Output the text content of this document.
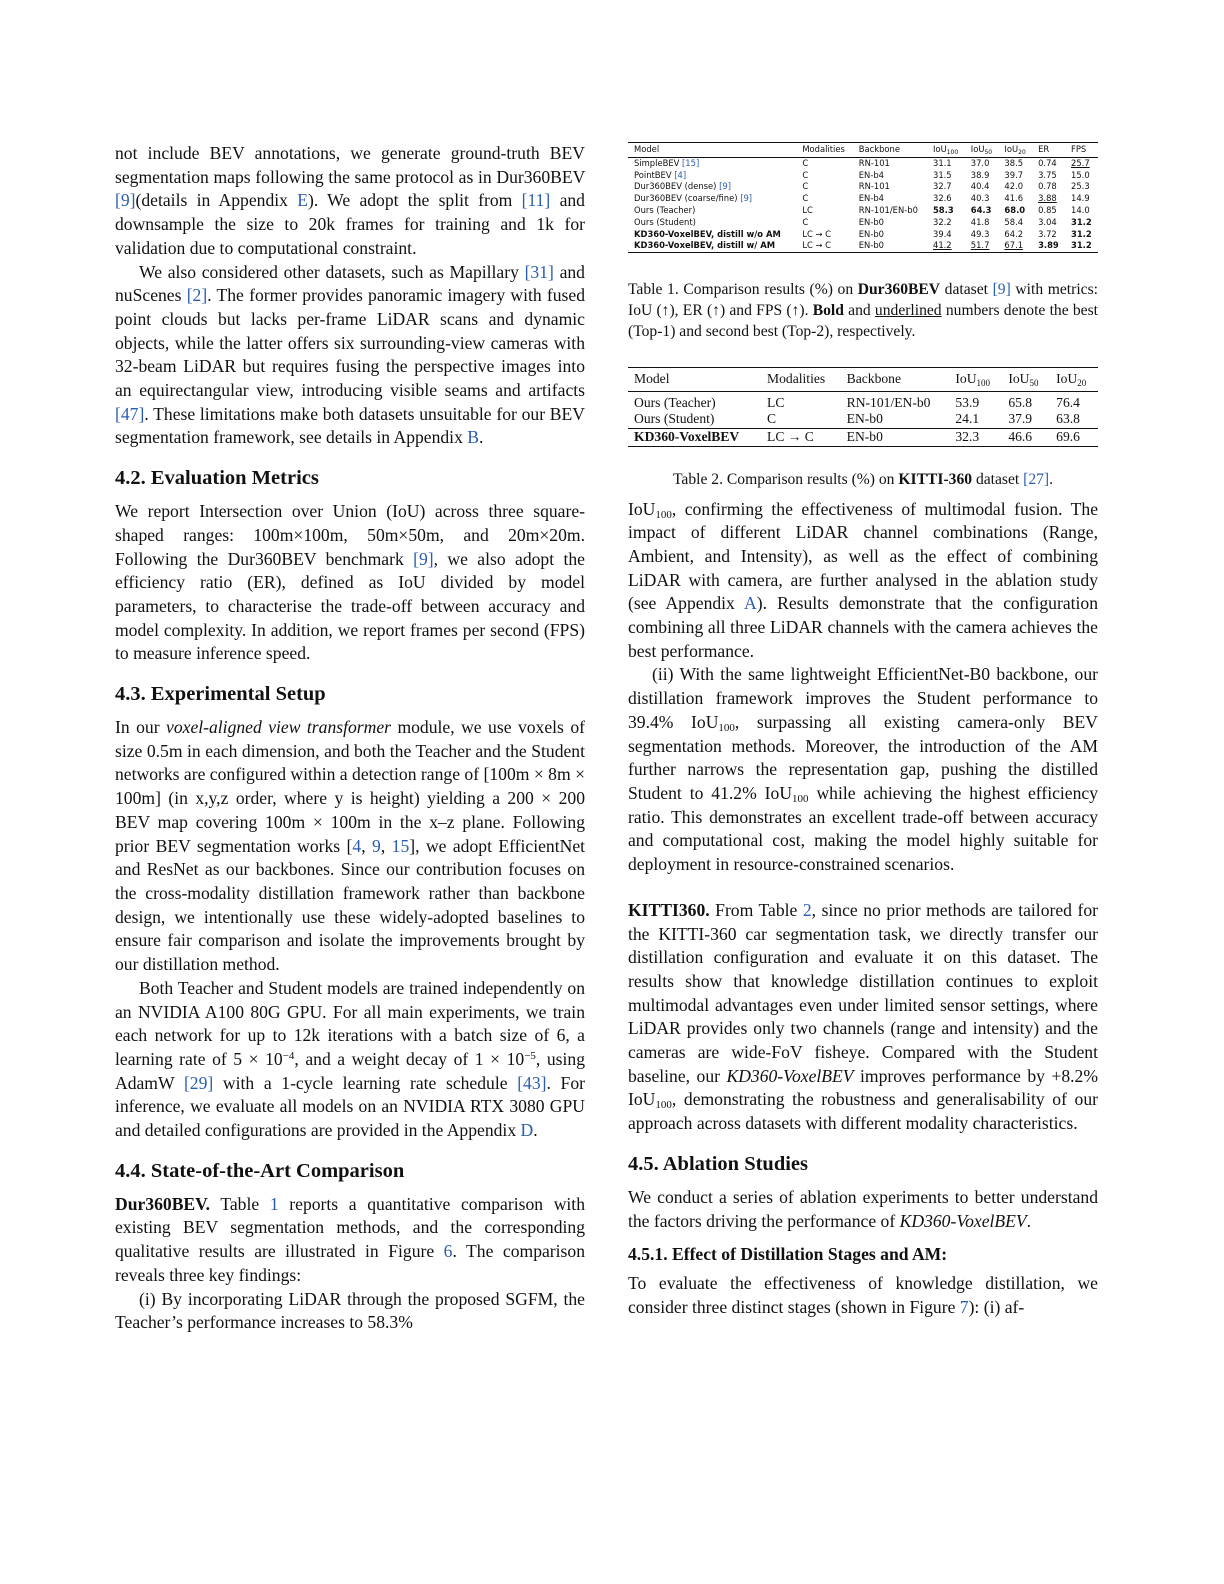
not include BEV annotations, we generate ground-truth BEV segmentation maps following the same protocol as in Dur360BEV [9](details in Appendix E). We adopt the split from [11] and downsample the size to 20k frames for training and 1k for validation due to computational constraint.

We also considered other datasets, such as Mapillary [31] and nuScenes [2]. The former provides panoramic imagery with fused point clouds but lacks per-frame LiDAR scans and dynamic objects, while the latter offers six surrounding-view cameras with 32-beam LiDAR but requires fusing the perspective images into an equirectangular view, introducing visible seams and artifacts [47]. These limitations make both datasets unsuitable for our BEV segmentation framework, see details in Appendix B.

4.2. Evaluation Metrics

We report Intersection over Union (IoU) across three square-shaped ranges: 100m×100m, 50m×50m, and 20m×20m. Following the Dur360BEV benchmark [9], we also adopt the efficiency ratio (ER), defined as IoU divided by model parameters, to characterise the trade-off between accuracy and model complexity. In addition, we report frames per second (FPS) to measure inference speed.

4.3. Experimental Setup

In our voxel-aligned view transformer module, we use voxels of size 0.5m in each dimension, and both the Teacher and the Student networks are configured within a detection range of [100m × 8m × 100m] (in x,y,z order, where y is height) yielding a 200 × 200 BEV map covering 100m × 100m in the x–z plane. Following prior BEV segmentation works [4, 9, 15], we adopt EfficientNet and ResNet as our backbones. Since our contribution focuses on the cross-modality distillation framework rather than backbone design, we intentionally use these widely-adopted baselines to ensure fair comparison and isolate the improvements brought by our distillation method.

Both Teacher and Student models are trained independently on an NVIDIA A100 80G GPU. For all main experiments, we train each network for up to 12k iterations with a batch size of 6, a learning rate of $5 \times 10^{-4}$, and a weight decay of $1 \times 10^{-5}$, using AdamW [29] with a 1-cycle learning rate schedule [43]. For inference, we evaluate all models on an NVIDIA RTX 3080 GPU and detailed configurations are provided in the Appendix D.

4.4. State-of-the-Art Comparison

Dur360BEV. Table 1 reports a quantitative comparison with existing BEV segmentation methods, and the corresponding qualitative results are illustrated in Figure 6. The comparison reveals three key findings:

(i) By incorporating LiDAR through the proposed SGFM, the Teacher’s performance increases to 58.3%

Model	Modalities	Backbone	IoU$_{100}$	IoU$_{50}$	IoU$_{20}$	ER	FPS
SimpleBEV [15]	C	RN-101	31.1	37.0	38.5	0.74	25.7
PointBEV [4]	C	EN-b4	31.5	38.9	39.7	3.75	15.0
Dur360BEV (dense) [9]	C	RN-101	32.7	40.4	42.0	0.78	25.3
Dur360BEV (coarse/fine) [9]	C	EN-b4	32.6	40.3	41.6	3.88	14.9
Ours (Teacher)	LC	RN-101/EN-b0	58.3	64.3	68.0	0.85	14.0
Ours (Student)	C	EN-b0	32.2	41.8	58.4	3.04	31.2
KD360-VoxelBEV, distill w/o AM	LC → C	EN-b0	39.4	49.3	64.2	3.72	31.2
KD360-VoxelBEV, distill w/ AM	LC → C	EN-b0	41.2	51.7	67.1	3.89	31.2

Table 1. Comparison results (%) on Dur360BEV dataset [9] with metrics: IoU (↑), ER (↑) and FPS (↑). Bold and underlined numbers denote the best (Top-1) and second best (Top-2), respectively.

Model	Modalities	Backbone	IoU$_{100}$	IoU$_{50}$	IoU$_{20}$
Ours (Teacher)	LC	RN-101/EN-b0	53.9	65.8	76.4
Ours (Student)	C	EN-b0	24.1	37.9	63.8
KD360-VoxelBEV	LC → C	EN-b0	32.3	46.6	69.6

Table 2. Comparison results (%) on KITTI-360 dataset [27].

IoU$_{100}$, confirming the effectiveness of multimodal fusion. The impact of different LiDAR channel combinations (Range, Ambient, and Intensity), as well as the effect of combining LiDAR with camera, are further analysed in the ablation study (see Appendix A). Results demonstrate that the configuration combining all three LiDAR channels with the camera achieves the best performance.

(ii) With the same lightweight EfficientNet-B0 backbone, our distillation framework improves the Student performance to 39.4% IoU$_{100}$, surpassing all existing camera-only BEV segmentation methods. Moreover, the introduction of the AM further narrows the representation gap, pushing the distilled Student to 41.2% IoU$_{100}$ while achieving the highest efficiency ratio. This demonstrates an excellent trade-off between accuracy and computational cost, making the model highly suitable for deployment in resource-constrained scenarios.

KITTI360. From Table 2, since no prior methods are tailored for the KITTI-360 car segmentation task, we directly transfer our distillation configuration and evaluate it on this dataset. The results show that knowledge distillation continues to exploit multimodal advantages even under limited sensor settings, where LiDAR provides only two channels (range and intensity) and the cameras are wide-FoV fisheye. Compared with the Student baseline, our KD360-VoxelBEV improves performance by +8.2% IoU$_{100}$, demonstrating the robustness and generalisability of our approach across datasets with different modality characteristics.

4.5. Ablation Studies

We conduct a series of ablation experiments to better understand the factors driving the performance of KD360-VoxelBEV.

4.5.1. Effect of Distillation Stages and AM:

To evaluate the effectiveness of knowledge distillation, we consider three distinct stages (shown in Figure 7): (i) af-
